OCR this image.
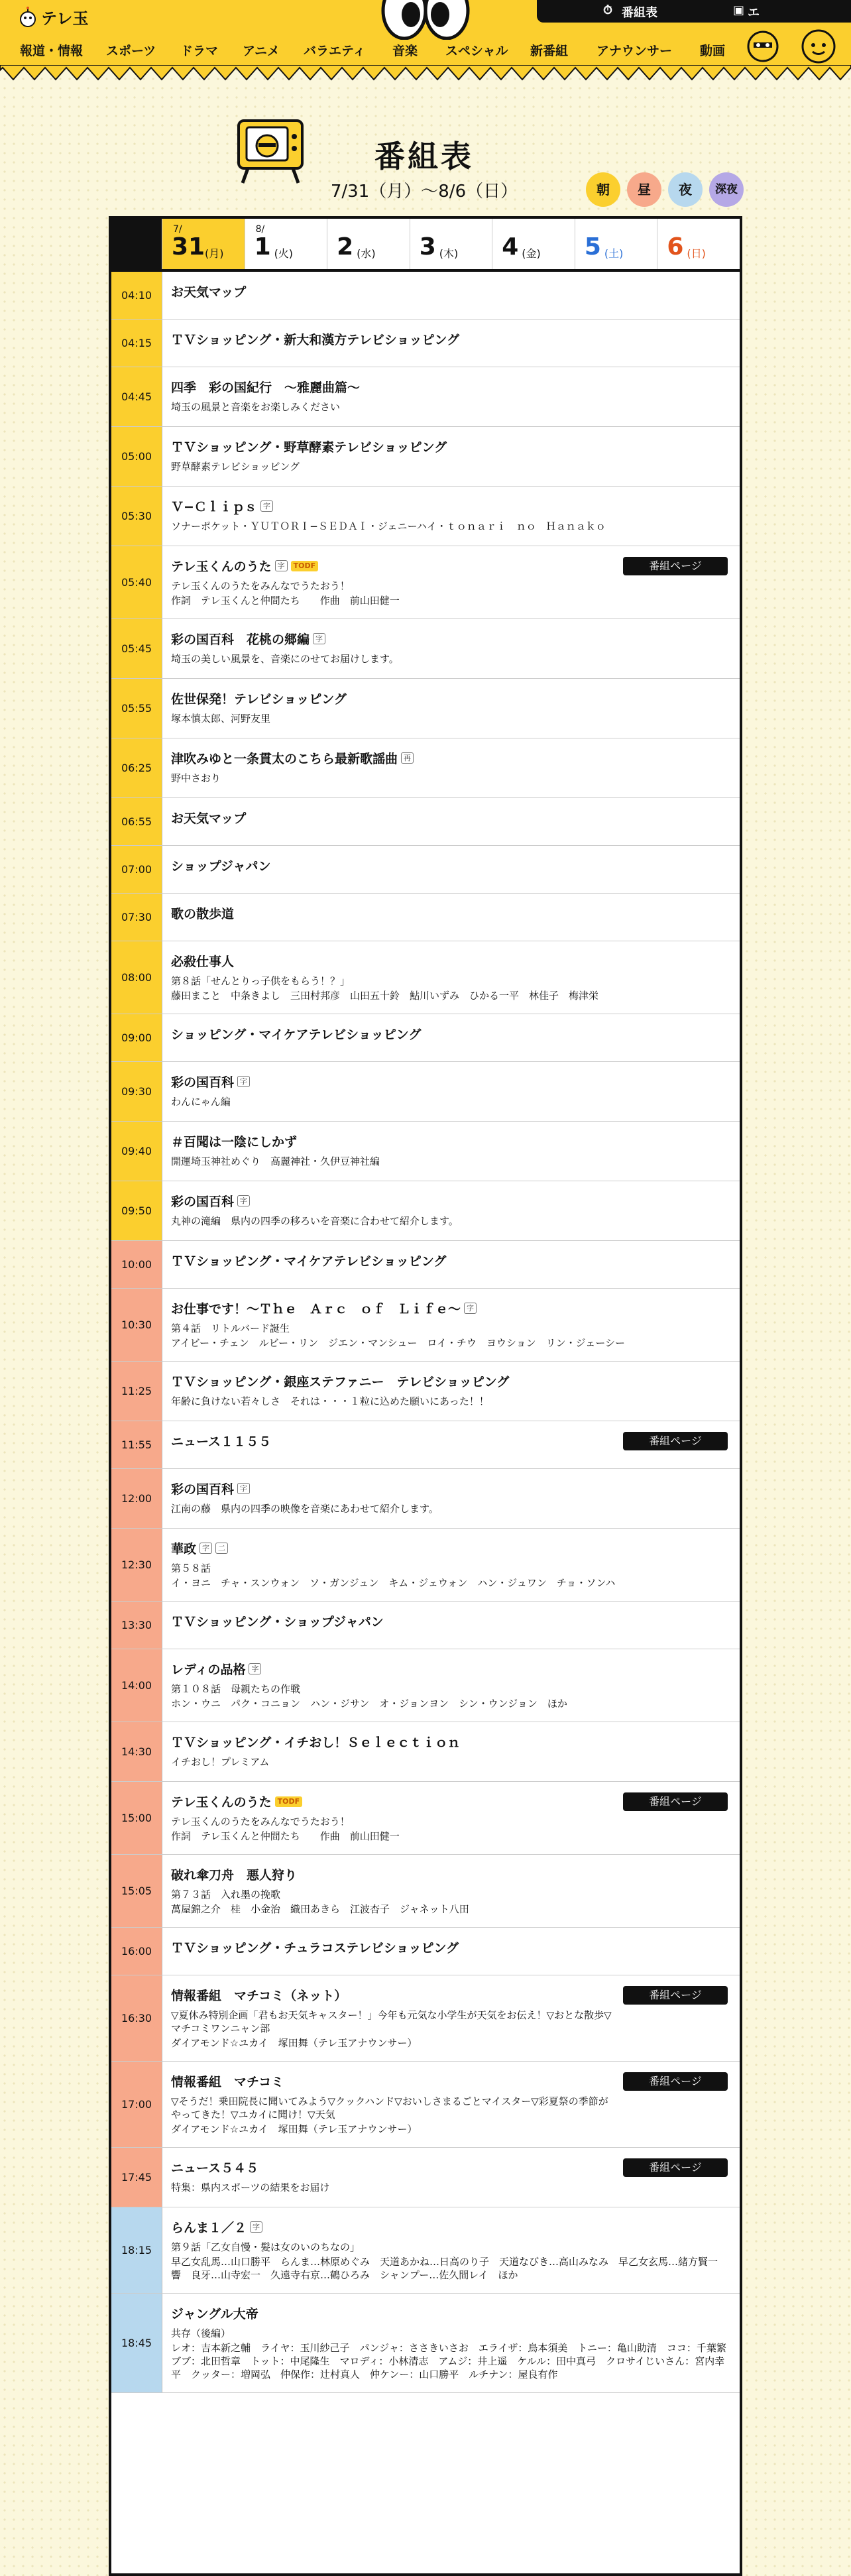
テレ玉	⏱ 番組表	▣ エ
報道・情報 スポーツ ドラマ アニメ バラエティ 音楽 スペシャル 新番組 アナウンサー 動画
番組表
7/31（月）〜8/6（日）	朝	昼	夜	深夜
7/
31 (月)
8/
1 (火) 2 (水) 3 (木) 4 (金) 5 (土) 6 (日)
04:10	お天気マップ
04:15	ＴＶショッピング・新大和漢方テレビショッピング
04:45
四季　彩の国紀行　〜雅麗曲篇〜
埼玉の風景と音楽をお楽しみください
05:00
ＴＶショッピング・野草酵素テレビショッピング
野草酵素テレビショッピング
05:30
Ｖ−Ｃｌｉｐｓ 字
ソナーポケット・ＹＵＴＯＲＩ−ＳＥＤＡＩ・ジェニーハイ・ｔｏｎａｒｉ　ｎｏ　Ｈａｎａｋｏ
05:40
テレ玉くんのうた 字	TODF
テレ玉くんのうたをみんなでうたおう！
作詞　テレ玉くんと仲間たち　　作曲　前山田健一
番組ページ
05:45
彩の国百科　花桃の郷編 字
埼玉の美しい風景を、音楽にのせてお届けします。
05:55
佐世保発！テレビショッピング
塚本慎太郎、河野友里
06:25
津吹みゆと一条貫太のこちら最新歌謡曲 再
野中さおり
06:55	お天気マップ
07:00	ショップジャパン
07:30	歌の散歩道
08:00
必殺仕事人
第８話「せんとりっ子供をもらう！？」
藤田まこと　中条きよし　三田村邦彦　山田五十鈴　鮎川いずみ　ひかる一平　林佳子　梅津栄
09:00	ショッピング・マイケアテレビショッピング
09:30
彩の国百科 字
わんにゃん編
09:40
＃百聞は一陰にしかず
開運埼玉神社めぐり　高麗神社・久伊豆神社編
09:50
彩の国百科 字
丸神の滝編　県内の四季の移ろいを音楽に合わせて紹介します。
10:00	ＴＶショッピング・マイケアテレビショッピング
10:30
お仕事です！〜Ｔｈｅ　Ａｒｃ　ｏｆ　Ｌｉｆｅ〜 字
第４話　リトルバード誕生
アイビー・チェン　ルビー・リン　ジエン・マンシュー　ロイ・チウ　ヨウション　リン・ジェーシー
11:25
ＴＶショッピング・銀座ステファニー　テレビショッピング
年齢に負けない若々しさ　それは・・・１粒に込めた願いにあった！！
11:55	ニュース１１５５	番組ページ
12:00
彩の国百科 字
江南の藤　県内の四季の映像を音楽にあわせて紹介します。
12:30
華政 字	二
第５８話
イ・ヨニ　チャ・スンウォン　ソ・ガンジュン　キム・ジェウォン　ハン・ジュワン　チョ・ソンハ
13:30	ＴＶショッピング・ショップジャパン
14:00
レディの品格 字
第１０８話　母親たちの作戦
ホン・ウニ　パク・コニョン　ハン・ジサン　オ・ジョンヨン　シン・ウンジョン　ほか
14:30
ＴＶショッピング・イチおし！Ｓｅｌｅｃｔｉｏｎ
イチおし！プレミアム
15:00
テレ玉くんのうた TODF
テレ玉くんのうたをみんなでうたおう！
作詞　テレ玉くんと仲間たち　　作曲　前山田健一
番組ページ
15:05
破れ傘刀舟　悪人狩り
第７３話　入れ墨の挽歌
萬屋錦之介　桂　小金治　織田あきら　江波杏子　ジャネット八田
16:00	ＴＶショッピング・チュラコステレビショッピング
16:30
情報番組　マチコミ（ネット）
▽夏休み特別企画「君もお天気キャスター！」今年も元気な小学生が天気をお伝え！▽おとな散歩▽マチコミワンニャン部
ダイアモンド☆ユカイ　塚田舞（テレ玉アナウンサー）
番組ページ
17:00
情報番組　マチコミ
▽そうだ！乗田院長に聞いてみよう▽クックハンド▽おいしさまるごとマイスター▽彩夏祭の季節がやってきた！▽ユカイに聞け！▽天気
ダイアモンド☆ユカイ　塚田舞（テレ玉アナウンサー）
番組ページ
17:45
ニュース５４５
特集：県内スポーツの結果をお届け
番組ページ
18:15
らんま１／２ 字
第９話「乙女自慢・髪は女のいのちなの」
早乙女乱馬…山口勝平　らんま…林原めぐみ　天道あかね…日高のり子　天道なびき…高山みなみ　早乙女玄馬…緒方賢一　響　良牙…山寺宏一　久遠寺右京…鶴ひろみ　シャンプー…佐久間レイ　ほか
18:45
ジャングル大帝
共存（後編）
レオ：吉本新之輔　ライヤ：玉川紗己子　パンジャ：ささきいさお　エライザ：鳥本須美　トニー：亀山助清　ココ：千葉繁　ブブ：北田哲章　トット：中尾隆生　マロディ：小林清志　アムジ：井上遥　ケルル：田中真弓　クロサイじいさん：宮内幸平　クッター：増岡弘　仲保作：辻村真人　仲ケンー：山口勝平　ルチナン：屋良有作
